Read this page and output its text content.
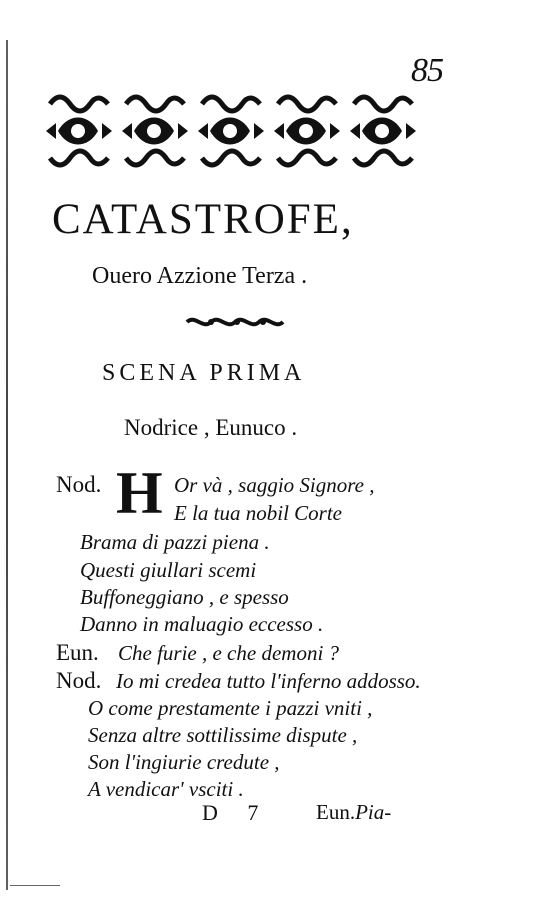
85
CATASTROFE,
Ouero Azzione Terza .
SCENA PRIMA
Nodrice , Eunuco .
H
Nod.	Or và , saggio Signore ,
E la tua nobil Corte
Brama di pazzi piena .
Questi giullari scemi
Buffoneggiano , e spesso
Danno in maluagio eccesso .
Eun. Che furie , e che demoni ?
Nod. Io mi credea tutto l'inferno addosso.
O come prestamente i pazzi vniti ,
Senza altre sottilissime dispute ,
Son l'ingiurie credute ,
A vendicar' vsciti .
D 7 Eun.Pia-
